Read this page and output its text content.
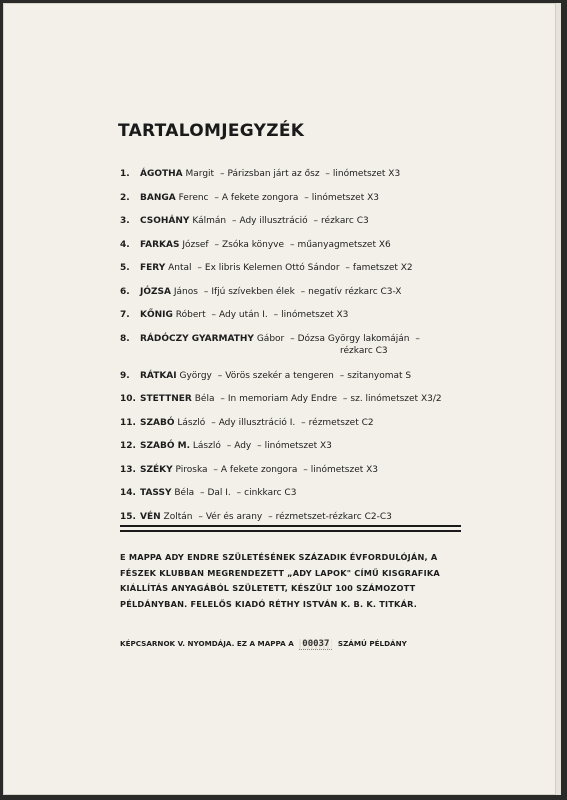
TARTALOMJEGYZÉK
1.	ÁGOTHA Margit – Párizsban járt az ősz – linómetszet X3
2.	BANGA Ferenc – A fekete zongora – linómetszet X3
3.	CSOHÁNY Kálmán – Ady illusztráció – rézkarc C3
4.	FARKAS József – Zsóka könyve – műanyagmetszet X6
5.	FERY Antal – Ex libris Kelemen Ottó Sándor – fametszet X2
6.	JÓZSA János – Ifjú szívekben élek – negatív rézkarc C3-X
7.	KŐNIG Róbert – Ady után I. – linómetszet X3
8.	RÁDÓCZY GYARMATHY Gábor – Dózsa György lakomáján –
rézkarc C3
9.	RÁTKAI György – Vörös szekér a tengeren – szitanyomat S
10. STETTNER Béla – In memoriam Ady Endre – sz. linómetszet X3/2
11. SZABÓ László – Ady illusztráció I. – rézmetszet C2
12. SZABÓ M. László – Ady – linómetszet X3
13. SZÉKY Piroska – A fekete zongora – linómetszet X3
14. TASSY Béla – Dal I. – cinkkarc C3
15. VÉN Zoltán – Vér és arany – rézmetszet-rézkarc C2-C3

E MAPPA ADY ENDRE SZÜLETÉSÉNEK SZÁZADIK ÉVFORDULÓJÁN, A FÉSZEK KLUBBAN MEGRENDEZETT „ADY LAPOK" CÍMŰ KISGRAFIKA KIÁLLÍTÁS ANYAGÁBÓL SZÜLETETT, KÉSZÜLT 100 SZÁMOZOTT PÉLDÁNYBAN. FELELŐS KIADÓ RÉTHY ISTVÁN K. B. K. TITKÁR.

KÉPCSARNOK V. NYOMDÁJA. EZ A MAPPA A 00037 SZÁMÚ PÉLDÁNY
